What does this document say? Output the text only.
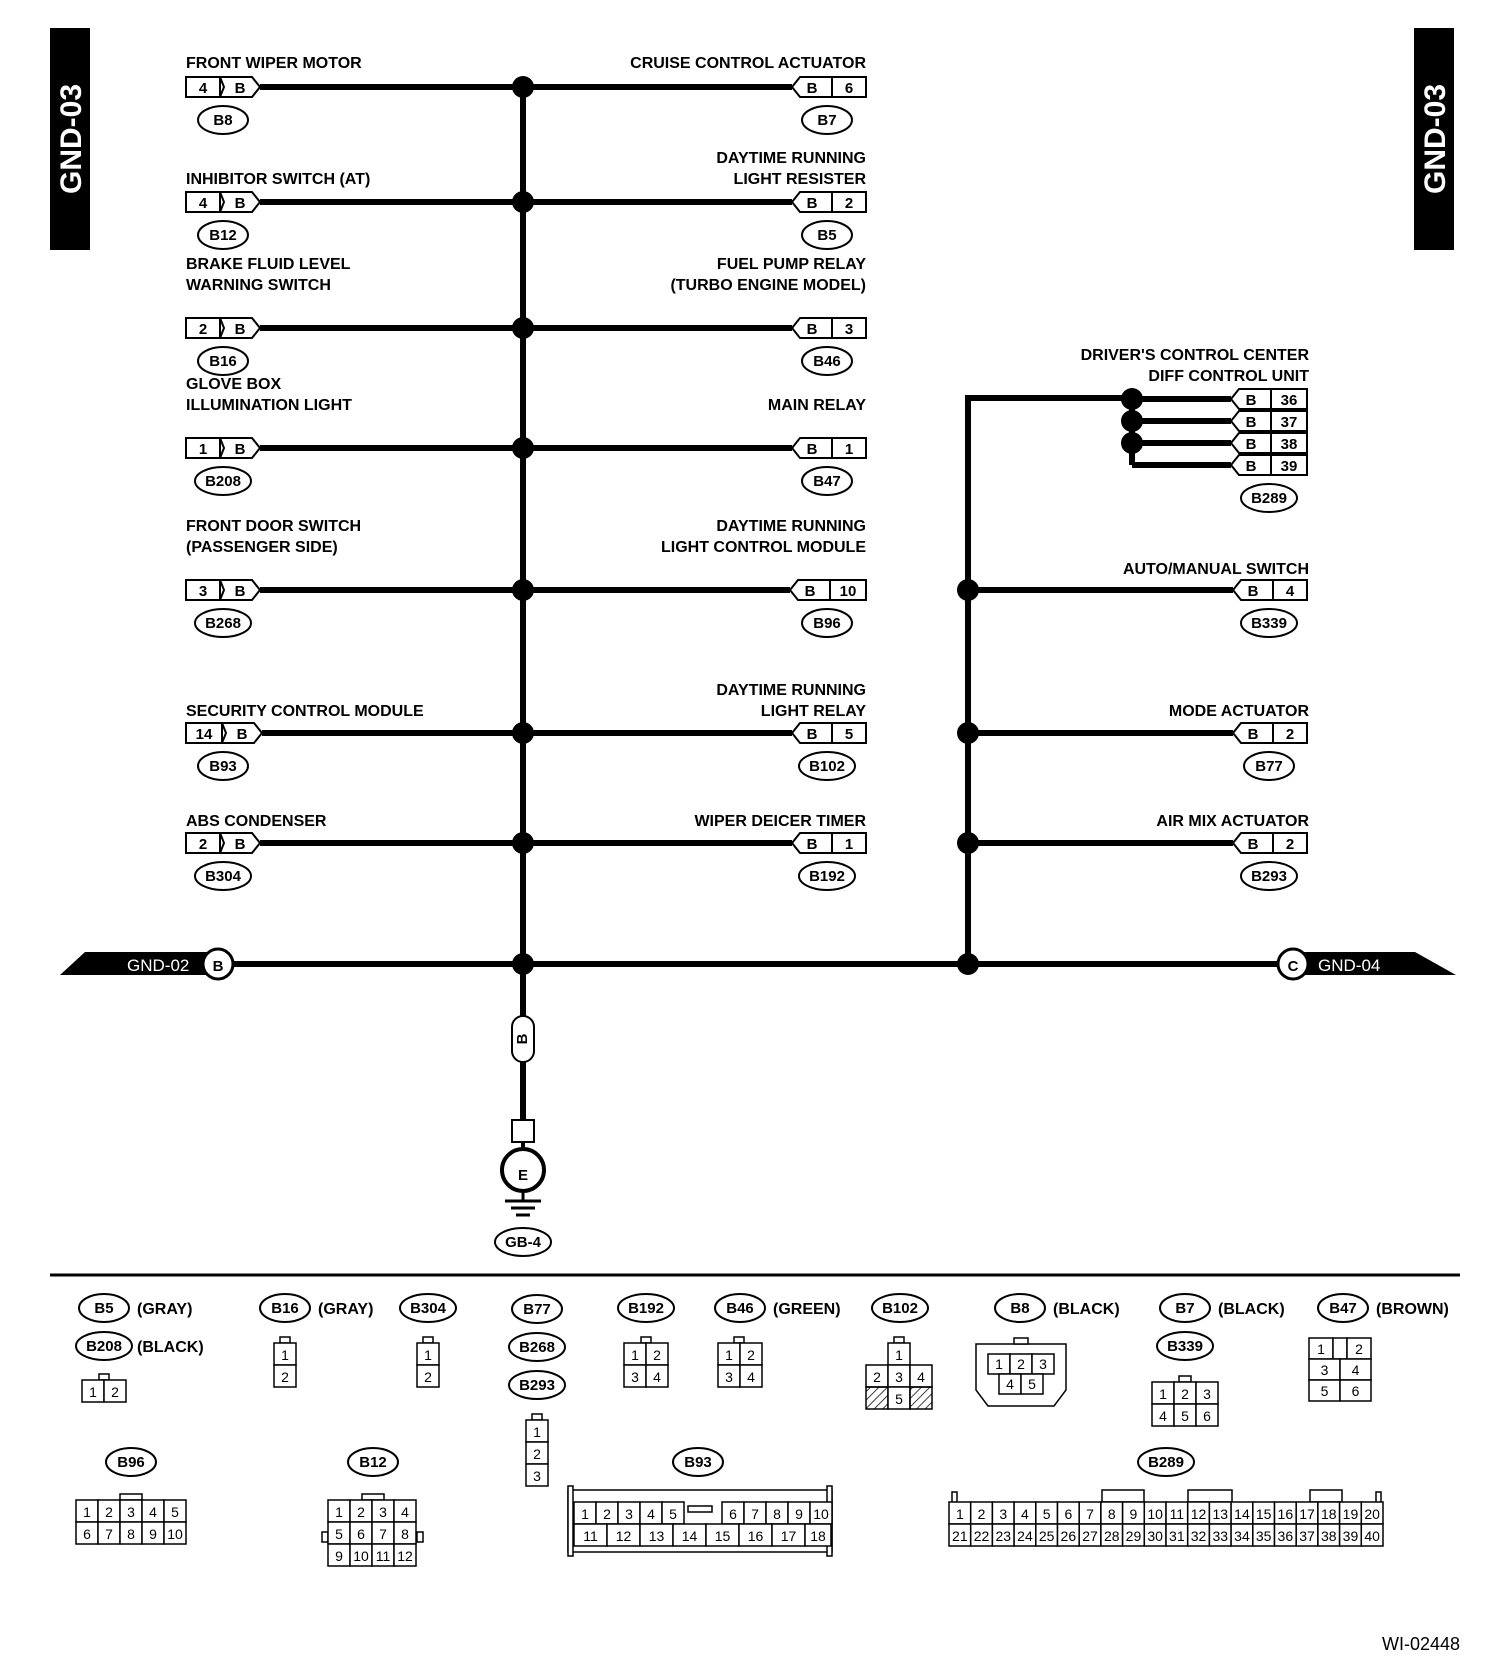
GND-03	GND-03
FRONT WIPER MOTOR
4 B
B8
INHIBITOR SWITCH (AT)
4 B
B12
BRAKE FLUID LEVEL
WARNING SWITCH
2 B
B16
GLOVE BOX
ILLUMINATION LIGHT
1 B
B208
FRONT DOOR SWITCH
(PASSENGER SIDE)
3 B
B268
SECURITY CONTROL MODULE
14 B
B93
ABS CONDENSER
2 B
B304
CRUISE CONTROL ACTUATOR
6
B
B7
DAYTIME RUNNING
LIGHT RESISTER
2
B
B5
FUEL PUMP RELAY
(TURBO ENGINE MODEL)
3
B
B46
MAIN RELAY
1
B
B47
DAYTIME RUNNING
LIGHT CONTROL MODULE
10
B
B96
DAYTIME RUNNING
LIGHT RELAY
5
B
B102
WIPER DEICER TIMER
1
B
B192
DRIVER'S CONTROL CENTER
DIFF CONTROL UNIT
36
B
37
B
38
B
39
B
B289
AUTO/MANUAL SWITCH
4
B
B339
MODE ACTUATOR
2
B
B77
AIR MIX ACTUATOR
2
B
B293
GND-02 B	C GND-04
B
E
GB-4
B5 (GRAY)
B208 (BLACK)
1 2
B16 (GRAY)
1
2
B304
1
2
B77
B268
B293
1
2
3
B192
1 2
3 4
B46 (GREEN)
1 2
3 4
B102
1
2 3 4
5
B8 (BLACK)
1 2 3
4 5
B7 (BLACK)
B339
1 2 3
4 5 6
B47 (BROWN)
1 2
3 4
5 6
B96
1 2 3 4 5
6 7 8 9 10
B12
1 2 3 4
5 6 7 8
9 10 11 12
B93
1 2 3 4 5	6 7 8 9 10
11 12 13 14 15 16 17 18
B289
1 2 3 4 5 6 7 8 9 10 11 12 13 14 15 16 17 18 19 20
21 22 23 24 25 26 27 28 29 30 31 32 33 34 35 36 37 38 39 40
WI-02448
